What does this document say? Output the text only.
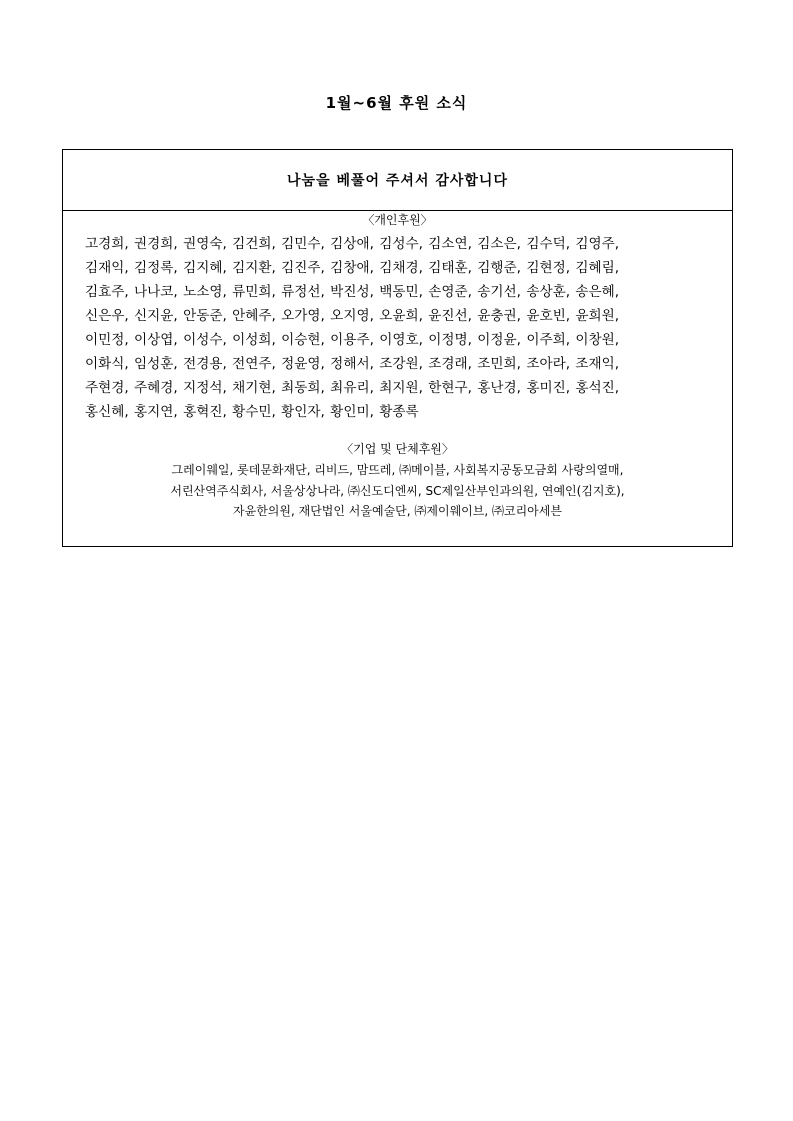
1월~6월 후원 소식
나눔을 베풀어 주셔서 감사합니다
〈개인후원〉
고경희, 권경희, 권영숙, 김건희, 김민수, 김상애, 김성수, 김소연, 김소은, 김수덕, 김영주,
김재익, 김정록, 김지혜, 김지환, 김진주, 김창애, 김채경, 김태훈, 김행준, 김현정, 김혜림,
김효주, 나나코, 노소영, 류민희, 류정선, 박진성, 백동민, 손영준, 송기선, 송상훈, 송은혜,
신은우, 신지윤, 안동준, 안혜주, 오가영, 오지영, 오윤희, 윤진선, 윤충권, 윤호빈, 윤희원,
이민정, 이상엽, 이성수, 이성희, 이승현, 이용주, 이영호, 이정명, 이정윤, 이주희, 이창원,
이화식, 임성훈, 전경용, 전연주, 정윤영, 정해서, 조강원, 조경래, 조민희, 조아라, 조재익,
주현경, 주혜경, 지정석, 채기현, 최동희, 최유리, 최지원, 한현구, 홍난경, 홍미진, 홍석진,
홍신혜, 홍지연, 홍혁진, 황수민, 황인자, 황인미, 황종록
〈기업 및 단체후원〉
그레이웨일, 롯데문화재단, 리비드, 맘뜨레, ㈜메이블, 사회복지공동모금회 사랑의열매,
서린산역주식회사, 서울상상나라, ㈜신도디엔씨, SC제일산부인과의원, 연예인(김지호),
자윤한의원, 재단법인 서울예술단, ㈜제이웨이브, ㈜코리아세븐
